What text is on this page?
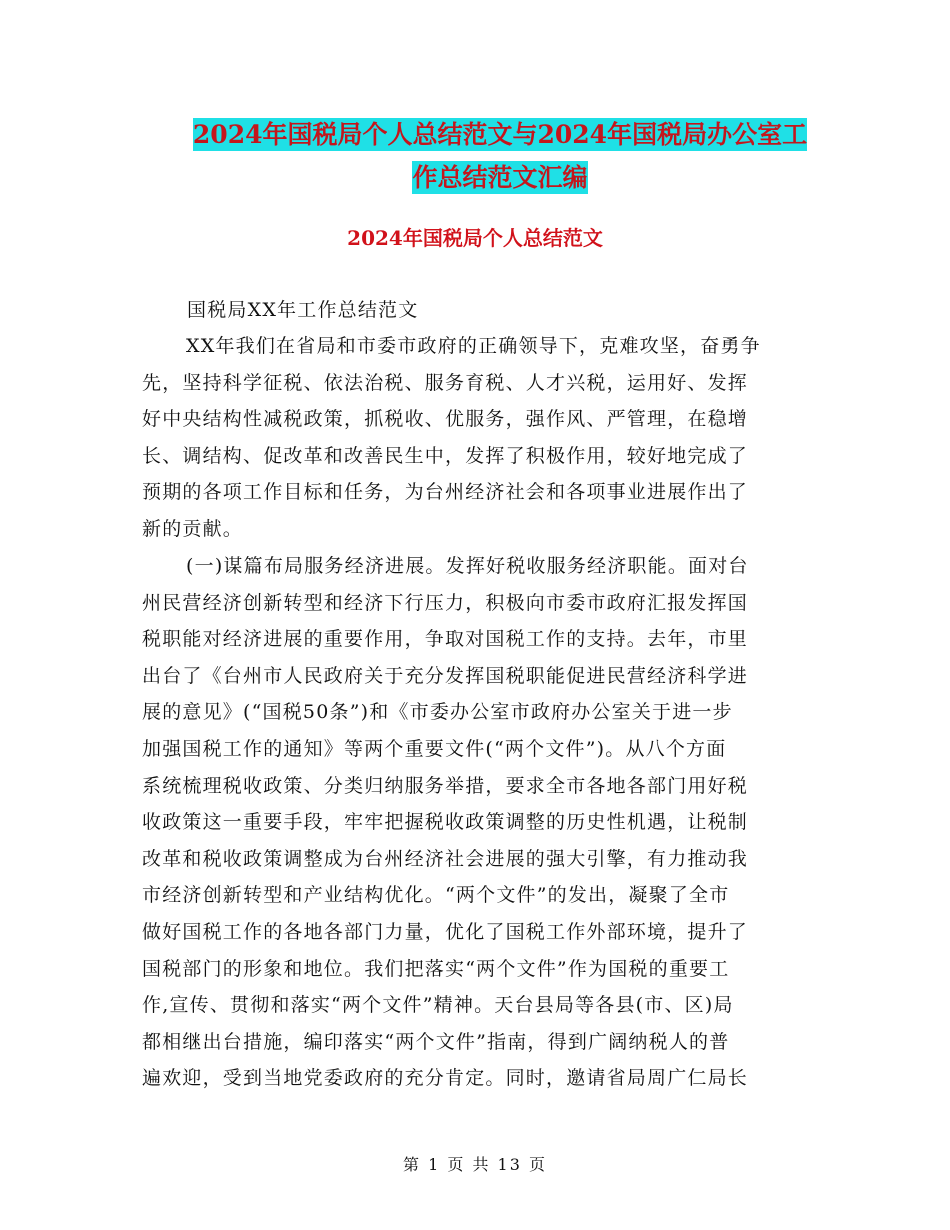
2024年国税局个人总结范文与2024年国税局办公室工
作总结范文汇编
2024年国税局个人总结范文
国税局XX年工作总结范文
XX年我们在省局和市委市政府的正确领导下，克难攻坚，奋勇争
先，坚持科学征税、依法治税、服务育税、人才兴税，运用好、发挥
好中央结构性减税政策，抓税收、优服务，强作风、严管理，在稳增
长、调结构、促改革和改善民生中，发挥了积极作用，较好地完成了
预期的各项工作目标和任务，为台州经济社会和各项事业进展作出了
新的贡献。
(一)谋篇布局服务经济进展。发挥好税收服务经济职能。面对台
州民营经济创新转型和经济下行压力，积极向市委市政府汇报发挥国
税职能对经济进展的重要作用，争取对国税工作的支持。去年，市里
出台了《台州市人民政府关于充分发挥国税职能促进民营经济科学进
展的意见》(“国税50条”)和《市委办公室市政府办公室关于进一步
加强国税工作的通知》等两个重要文件(“两个文件”)。从八个方面
系统梳理税收政策、分类归纳服务举措，要求全市各地各部门用好税
收政策这一重要手段，牢牢把握税收政策调整的历史性机遇，让税制
改革和税收政策调整成为台州经济社会进展的强大引擎，有力推动我
市经济创新转型和产业结构优化。“两个文件”的发出，凝聚了全市
做好国税工作的各地各部门力量，优化了国税工作外部环境，提升了
国税部门的形象和地位。我们把落实“两个文件”作为国税的重要工
作,宣传、贯彻和落实“两个文件”精神。天台县局等各县(市、区)局
都相继出台措施，编印落实“两个文件”指南，得到广阔纳税人的普
遍欢迎，受到当地党委政府的充分肯定。同时，邀请省局周广仁局长
第 1 页 共 13 页
